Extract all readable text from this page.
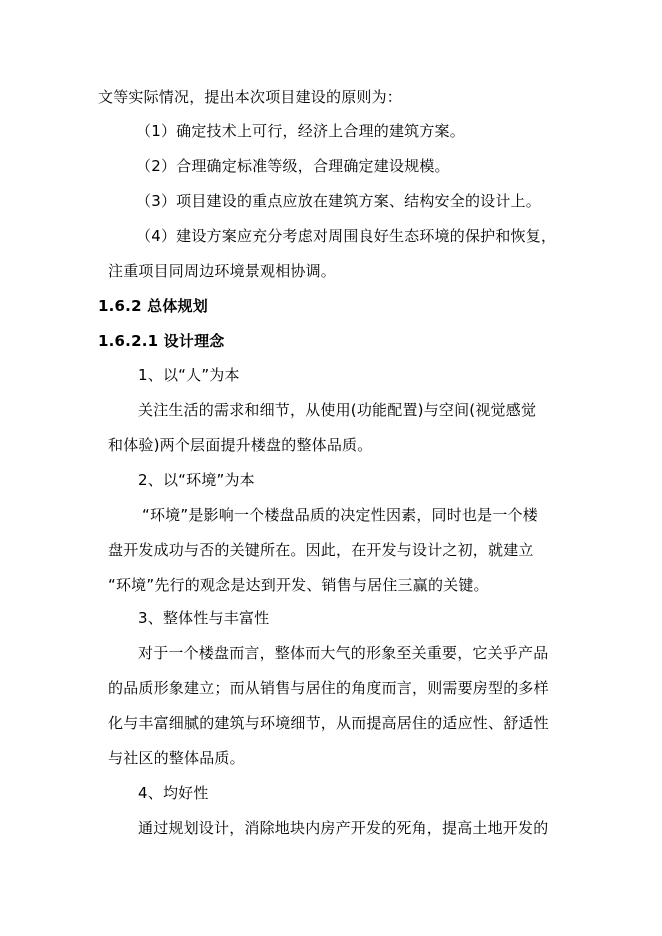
文等实际情况，提出本次项目建设的原则为：
（1）确定技术上可行，经济上合理的建筑方案。
（2）合理确定标准等级，合理确定建设规模。
（3）项目建设的重点应放在建筑方案、结构安全的设计上。
（4）建设方案应充分考虑对周围良好生态环境的保护和恢复，
注重项目同周边环境景观相协调。
1.6.2 总体规划
1.6.2.1 设计理念
1、以“人”为本
关注生活的需求和细节，从使用(功能配置)与空间(视觉感觉
和体验)两个层面提升楼盘的整体品质。
2、以“环境”为本
“环境”是影响一个楼盘品质的决定性因素，同时也是一个楼
盘开发成功与否的关键所在。因此，在开发与设计之初，就建立
“环境”先行的观念是达到开发、销售与居住三赢的关键。
3、整体性与丰富性
对于一个楼盘而言，整体而大气的形象至关重要，它关乎产品
的品质形象建立；而从销售与居住的角度而言，则需要房型的多样
化与丰富细腻的建筑与环境细节，从而提高居住的适应性、舒适性
与社区的整体品质。
4、均好性
通过规划设计，消除地块内房产开发的死角，提高土地开发的
